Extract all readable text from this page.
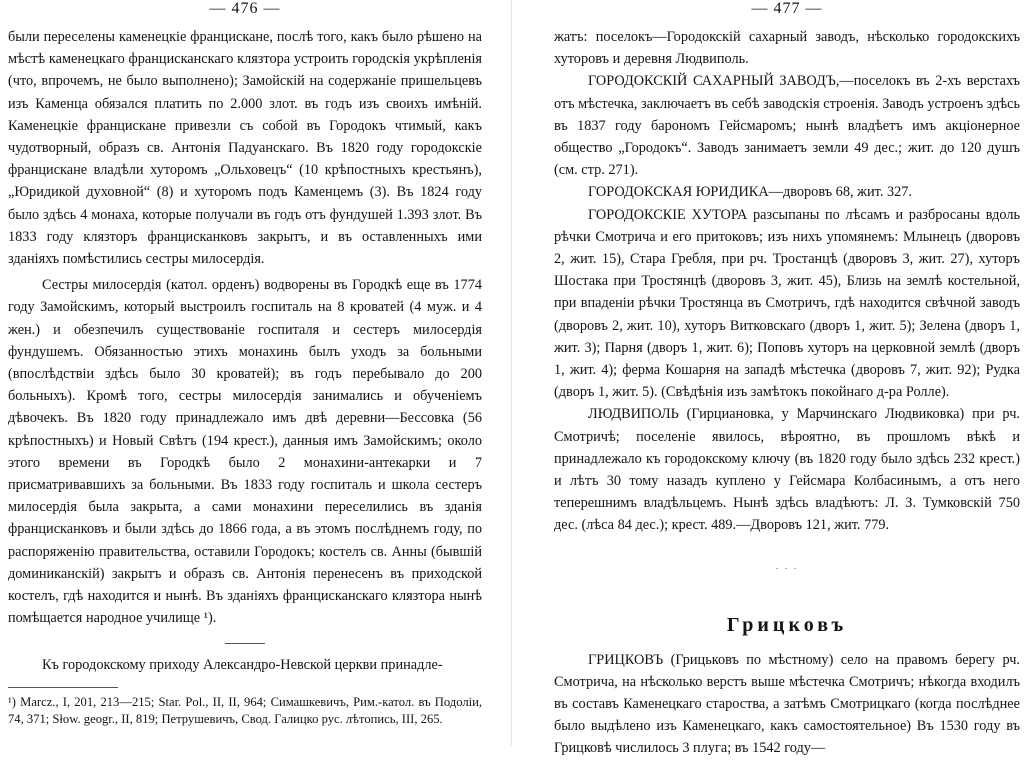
— 476 —

были переселены каменецкіе францисканe, послѣ того, какъ было рѣшено на мѣстѣ каменецкаго францисканскаго клязтора устроить городскія укрѣпленія (что, впрочемъ, не было выполнено); Замойскій на содержаніе пришельцевъ изъ Каменца обязался платить по 2.000 злот. въ годъ изъ своихъ имѣній. Каменецкіе францисканe привезли съ собой въ Городокъ чтимый, какъ чудотворный, образъ св. Антонія Падуанскаго. Въ 1820 году городокскіе францисканe владѣли хуторомъ „Ольховецъ“ (10 крѣпостныхъ крестьянъ), „Юридикой духовной“ (8) и хуторомъ подъ Каменцемъ (3). Въ 1824 году было здѣсь 4 монаха, которые получали въ годъ отъ фундушей 1.393 злот. Въ 1833 году клязторъ францисканковъ закрытъ, и въ оставленныхъ ими зданіяхъ помѣстились сестры милосердія.

Сестры милосердія (катол. орденъ) водворены въ Городкѣ еще въ 1774 году Замойскимъ, который выстроилъ госпиталь на 8 кроватей (4 муж. и 4 жен.) и обезпечилъ существованіе госпиталя и сестеръ милосердія фундушемъ. Обязанностью этихъ монахинь былъ уходъ за больными (впослѣдствіи здѣсь было 30 кроватей); въ годъ перебывало до 200 больныхъ). Кромѣ того, сестры милосердія занимались и обученіемъ дѣвочекъ. Въ 1820 году принадлежало имъ двѣ деревни—Бессовка (56 крѣпостныхъ) и Новый Свѣтъ (194 крест.), данныя имъ Замойскимъ; около этого времени въ Городкѣ было 2 монахини-антекарки и 7 присматривавшихъ за больными. Въ 1833 году госпиталь и школа сестеръ милосердія была закрыта, а сами монахини переселились въ зданія францисканковъ и были здѣсь до 1866 года, а въ этомъ послѣднемъ году, по распоряженію правительства, оставили Городокъ; костелъ св. Анны (бывшій доминиканскій) закрытъ и образъ св. Антонія перенесенъ въ приходской костелъ, гдѣ находится и нынѣ. Въ зданіяхъ францисканскаго клязтора нынѣ помѣщается народное училище ¹).

Къ городокскому приходу Александро-Невской церкви принадле-

¹) Marcz., I, 201, 213—215; Star. Pol., II, II, 964; Симашкевичъ, Рим.-катол. въ Подоліи, 74, 371; Słow. geogr., II, 819; Петрушевичъ, Свод. Галицко рус. лѣтопись, III, 265.

— 477 —

жатъ: поселокъ—Городокскій сахарный заводъ, нѣсколько городокскихъ хуторовъ и деревня Людвиполь.

ГОРОДОКСКІЙ САХАРНЫЙ ЗАВОДЪ,—поселокъ въ 2-хъ верстахъ отъ мѣстечка, заключаетъ въ себѣ заводскія строенія. Заводъ устроенъ здѣсь въ 1837 году барономъ Гейсмаромъ; нынѣ владѣетъ имъ акціонерное общество „Городокъ“. Заводъ занимаетъ земли 49 дес.; жит. до 120 душъ (см. стр. 271).

ГОРОДОКСКАЯ ЮРИДИКА—дворовъ 68, жит. 327.

ГОРОДОКСКІЕ ХУТОРА разсыпаны по лѣсамъ и разбросаны вдоль рѣчки Смотрича и его притоковъ; изъ нихъ упомянемъ: Млынецъ (дворовъ 2, жит. 15), Стара Гребля, при рч. Тростанцѣ (дворовъ 3, жит. 27), хуторъ Шостака при Тростянцѣ (дворовъ 3, жит. 45), Близь на землѣ костельной, при впаденіи рѣчки Тростянца въ Смотричъ, гдѣ находится свѣчной заводъ (дворовъ 2, жит. 10), хуторъ Витковскаго (дворъ 1, жит. 5); Зелена (дворъ 1, жит. 3); Парня (дворъ 1, жит. 6); Поповъ хуторъ на церковной землѣ (дворъ 1, жит. 4); ферма Кошарня на западѣ мѣстечка (дворовъ 7, жит. 92); Рудка (дворъ 1, жит. 5). (Свѣдѣнія изъ замѣтокъ покойнаго д-ра Ролле).

ЛЮДВИПОЛЬ (Гирциановка, у Марчинскаго Людвиковка) при рч. Смотричѣ; поселеніе явилось, вѣроятно, въ прошломъ вѣкѣ и принадлежало къ городокскому ключу (въ 1820 году было здѣсь 232 крест.) и лѣтъ 30 тому назадъ куплено у Гейсмара Колбасинымъ, а отъ него теперешнимъ владѣльцемъ. Нынѣ здѣсь владѣютъ: Л. З. Тумковскій 750 дес. (лѣса 84 дес.); крест. 489.—Дворовъ 121, жит. 779.

. . .
Грицковъ

ГРИЦКОВЪ (Грицьковъ по мѣстному) село на правомъ берегу рч. Смотрича, на нѣсколько верстъ выше мѣстечка Смотричъ; нѣкогда входилъ въ составъ Каменецкаго староства, а затѣмъ Смотрицкаго (когда послѣднее было выдѣлено изъ Каменецкаго, какъ самостоятельное) Въ 1530 году въ Грицковѣ числилось 3 плуга; въ 1542 году—
